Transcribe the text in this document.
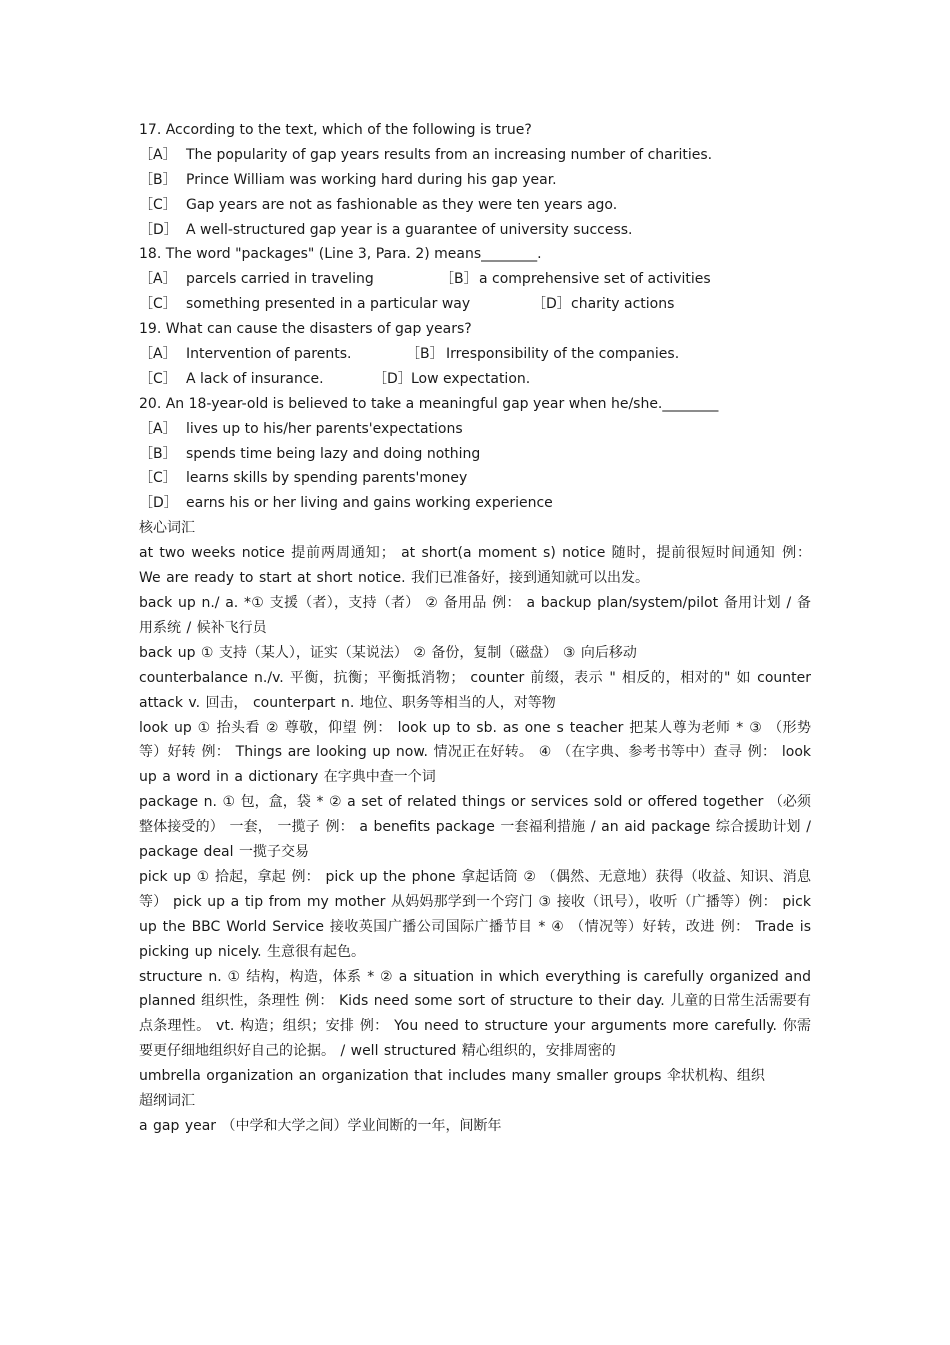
17. According to the text, which of the following is true?
［A］ The popularity of gap years results from an increasing number of charities.
［B］ Prince William was working hard during his gap year.
［C］ Gap years are not as fashionable as they were ten years ago.
［D］ A well-structured gap year is a guarantee of university success.
18. The word "packages" (Line 3, Para. 2) means________.
［A］ parcels carried in traveling	［B］a comprehensive set of activities
［C］ something presented in a particular way	［D］charity actions
19. What can cause the disasters of gap years?
［A］ Intervention of parents.	［B］ Irresponsibility of the companies.
［C］ A lack of insurance.	［D］Low expectation.
20. An 18-year-old is believed to take a meaningful gap year when he/she.________
［A］ lives up to his/her parents'expectations
［B］ spends time being lazy and doing nothing
［C］ learns skills by spending parents'money
［D］ earns his or her living and gains working experience
核心词汇

at two weeks notice 提前两周通知； at short(a moment s) notice 随时，提前很短时间通知 例： We are ready to start at short notice. 我们已准备好，接到通知就可以出发。

back up n./ a. *① 支援（者），支持（者） ② 备用品 例： a backup plan/system/pilot 备用计划 / 备用系统 / 候补飞行员

back up ① 支持（某人），证实（某说法） ② 备份，复制（磁盘） ③ 向后移动

counterbalance n./v. 平衡，抗衡；平衡抵消物； counter 前缀，表示 " 相反的，相对的" 如 counter attack v. 回击， counterpart n. 地位、职务等相当的人，对等物

look up ① 抬头看 ② 尊敬，仰望 例： look up to sb. as one s teacher 把某人尊为老师 * ③ （形势等）好转 例： Things are looking up now. 情况正在好转。 ④ （在字典、参考书等中）查寻 例： look up a word in a dictionary 在字典中查一个词

package n. ① 包，盒，袋 * ② a set of related things or services sold or offered together （必须整体接受的） 一套， 一揽子 例： a benefits package 一套福利措施 / an aid package 综合援助计划 / package deal 一揽子交易

pick up ① 拾起，拿起 例： pick up the phone 拿起话筒 ② （偶然、无意地）获得（收益、知识、消息等） pick up a tip from my mother 从妈妈那学到一个窍门 ③ 接收（讯号），收听（广播等）例： pick up the BBC World Service 接收英国广播公司国际广播节目 * ④ （情况等）好转，改进 例： Trade is picking up nicely. 生意很有起色。

structure n. ① 结构，构造，体系 * ② a situation in which everything is carefully organized and planned 组织性，条理性 例： Kids need some sort of structure to their day. 儿童的日常生活需要有点条理性。 vt. 构造；组织；安排 例： You need to structure your arguments more carefully. 你需要更仔细地组织好自己的论据。 / well structured 精心组织的，安排周密的

umbrella organization an organization that includes many smaller groups 伞状机构、组织

超纲词汇

a gap year （中学和大学之间）学业间断的一年，间断年
